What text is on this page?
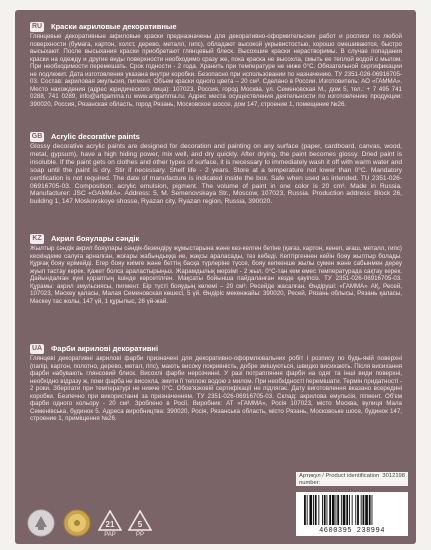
RU Краски акриловые декоративные

Глянцевые декоративные акриловые краски предназначены для декоративно-оформительских работ и росписи по любой поверхности (бумага, картон, холст, дерево, металл, гипс), обладают высокой укрывистостью, хорошо смешиваются, быстро высыхают. После высыхания краски приобретают глянцевый блеск. Высохшие краски нерастворимы. В случае попадания краски на одежду и другие виды поверхности необходимо сразу же, пока краска не высохла, смыть ее теплой водой с мылом. При необходимости перемешать. Срок годности - 2 года. Хранить при температуре не ниже 0°С. Обязательной сертификации не подлежит. Дата изготовления указана внутри коробки. Безопасно при использовании по назначению. ТУ 2351-026-06916705-03. Состав: акриловая эмульсия, пигмент. Объем краски одного цвета – 20 см³. Сделано в России. Изготовитель: АО «ГАММА». Место нахождения (адрес юридического лица): 107023, Россия, город Москва, ул. Семеновская М., дом 5, тел.: + 7 495 741 0288, 741 0289, info@artgamma.ru www.artgamma.ru. Адрес места осуществления деятельности по изготовлению продукции: 390020, Россия, Рязанская область, город Рязань, Московское шоссе, дом 147, строение 1, помещение №26.

GB Acrylic decorative paints

Glossy decorative acrylic paints are designed for decoration and painting on any surface (paper, cardboard, canvas, wood, metal, gypsum), have a high hiding power, mix well, and dry quickly. After drying, the paint becomes glossy. Dried paint is insoluble. If the paint gets on clothes and other types of surface, it is necessary to immediately wash it off with warm water and soap until the paint is dry. Stir if necessary. Shelf life - 2 years. Store at a temperature not lower than 0°C. Mandatory certification is not required. The date of manufacture is indicated inside the box. Safe when used as intended. TU 2351-026-06916705-03. Composition: acrylic emulsion, pigment. The volume of paint in one color is 20 cm³. Made in Russia. Manufacturer: JSC «GAMMA». Address: 5, M. Semenovskaya Str., Moscow, 107023, Russia. Production address: Block 26, building 1, 147 Moskovskoye shosse, Ryazan city, Ryazan region, Russia, 390020.

KZ	Акрил бояулары сәндік

Жылтыр сәндік акрил бояулары сәндік-безендіру жұмыстарына және кез-келген бетіне (қағаз, картон, кенеп, ағаш, металл, гипс) кескіндеме салуға арналған, жоғары жабындыққа ие, жақсы араласады, тез кебеді. Кептіргеннен кейін бояу жылтыр болады. Құрғақ бояу ерімейді. Егер бояу киімге және беттің басқа түрлеріне түссе, бояу кепкенше жылы сумен және сабынмен дереу жуып тастау керек. Қажет болса араластырыңыз. Жарамдылық мерзімі - 2 жыл. 0°С-тан кем емес температурада сақтау керек. Дайындалған күні қораптың ішінде көрсетілген. Мақсаты бойынша пайдаланған кезде қауіпсіз. ТУ 2351-026-06916705-03. Құрамы: акрил эмульсиясы, пигмент. Бір түсті бояудың көлемі – 20 см³. Ресейде жасалған. Өндіруші: «ГАММА» АҚ, Ресей, 107023, Мәскеу қаласы, Малая Семеновская көшесі, 5 үй. Өндіріс мекенжайы: 390020, Ресей, Рязань облысы, Рязань қаласы, Мәскеу тас жолы, 147 үй, 1 құрылыс, 26 үй-жай.

UA Фарби акрилові декоративні

Глянцеві декоративні акрилові фарби призначені для декоративно-оформлювальних робіт і розпису по будь-якій поверхні (папір, картон, полотно, дерево, метал, гіпс), мають високу покривність, добре змішуються, швидко висихають. Після висихання фарби набувають глянсовий блиск. Висохлі фарби нерозчинні. У разі потрапляння фарби на одяг та інші види поверхні, необхідно відразу ж, поки фарба не висохла, змити її теплою водою з милом. При необхідності перемішати. Термін придатності - 2 роки. Зберігати при температурі не нижче 0°С. Обов'язковій сертифікації не підлягає. Дату виготовлення вказано всередині коробки. Безпечно при використанні за призначенням. ТУ 2351-026-06916705-03. Склад: акрилова емульсія, пігмент. Об'єм фарби одного кольору - 20 см³. Зроблено в Росії. Виробник: АТ «ГАММА», Росія 107023, місто Москва, вулиця Мала Семенівська, будинок 5. Адреса виробництва: 390020, Росія, Рязанська область, місто Рязань, Московське шосе, будинок 147, строение 1, приміщення №26.

21
PAP
5
PP
Артикул / Product identification number:
3012198
4600395 238994
